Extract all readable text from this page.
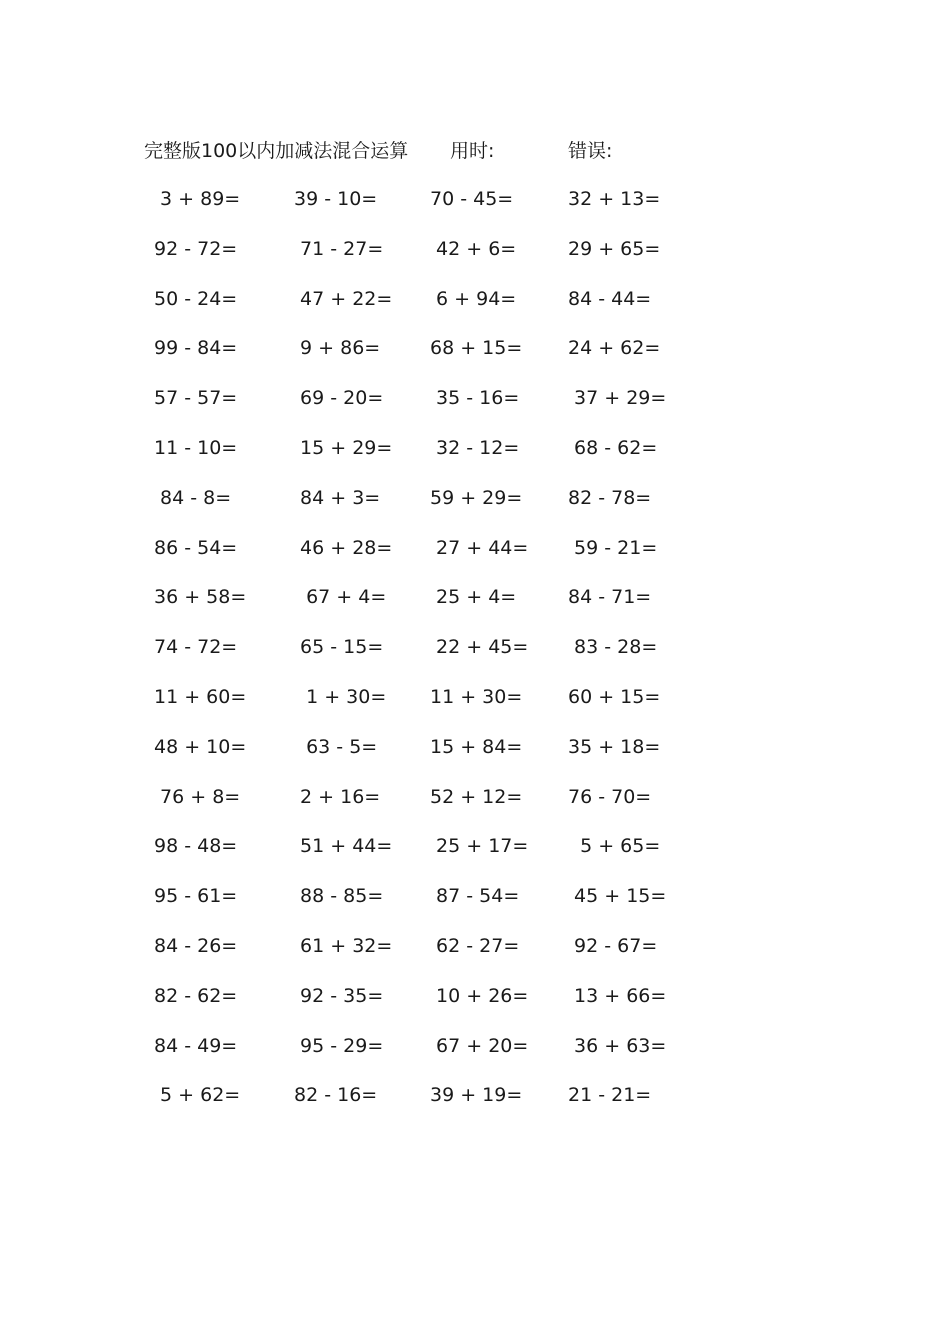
完整版100以内加减法混合运算 用时:	错误:
3 + 89=	39 - 10=	70 - 45=	32 + 13=
92 - 72=	71 - 27=	42 + 6=	29 + 65=
50 - 24=	47 + 22=	6 + 94=	84 - 44=
99 - 84=	9 + 86=	68 + 15=	24 + 62=
57 - 57=	69 - 20=	35 - 16=	37 + 29=
11 - 10=	15 + 29=	32 - 12=	68 - 62=
84 - 8=	84 + 3=	59 + 29=	82 - 78=
86 - 54=	46 + 28=	27 + 44=	59 - 21=
36 + 58=	67 + 4=	25 + 4=	84 - 71=
74 - 72=	65 - 15=	22 + 45=	83 - 28=
11 + 60=	1 + 30=	11 + 30=	60 + 15=
48 + 10=	63 - 5=	15 + 84=	35 + 18=
76 + 8=	2 + 16=	52 + 12=	76 - 70=
98 - 48=	51 + 44=	25 + 17=	5 + 65=
95 - 61=	88 - 85=	87 - 54=	45 + 15=
84 - 26=	61 + 32=	62 - 27=	92 - 67=
82 - 62=	92 - 35=	10 + 26=	13 + 66=
84 - 49=	95 - 29=	67 + 20=	36 + 63=
5 + 62=	82 - 16=	39 + 19=	21 - 21=
